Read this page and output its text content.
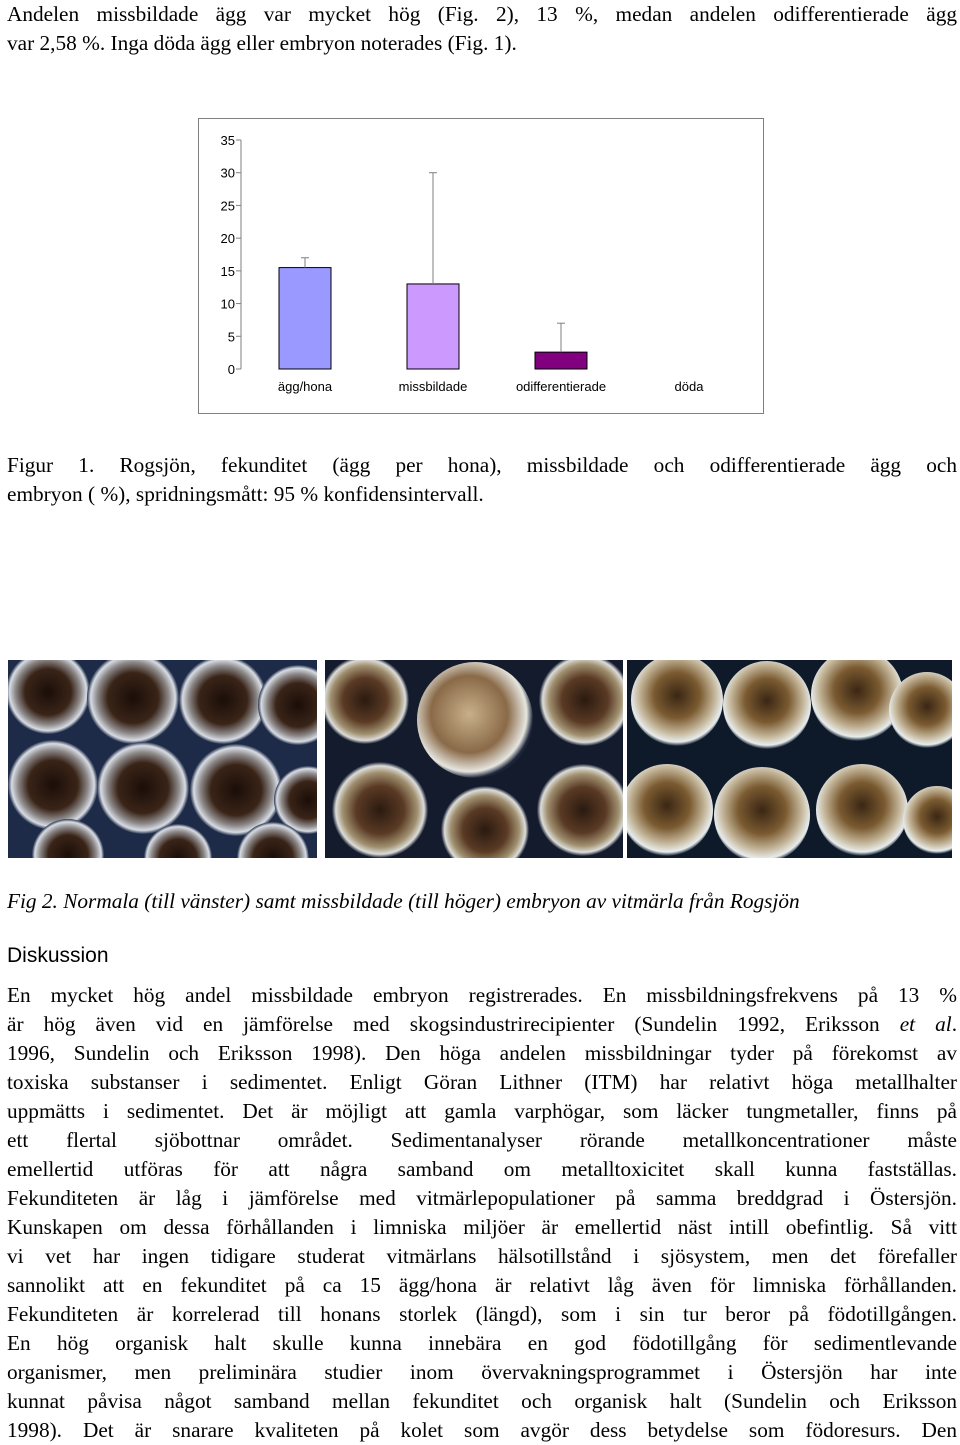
Andelen missbildade ägg var mycket hög (Fig. 2), 13 %, medan andelen odifferentierade ägg
var 2,58 %. Inga döda ägg eller embryon noterades (Fig. 1).
0
5
10
15
20
25
30
35
ägg/hona	missbildade	odifferentierade	döda
Figur 1. Rogsjön, fekunditet (ägg per hona), missbildade och odifferentierade ägg och
embryon ( %), spridningsmått: 95 % konfidensintervall.
Fig 2. Normala (till vänster) samt missbildade (till höger) embryon av vitmärla från Rogsjön
Diskussion
En mycket hög andel missbildade embryon registrerades. En missbildningsfrekvens på 13 %
är hög även vid en jämförelse med skogsindustrirecipienter (Sundelin 1992, Eriksson et al.
1996, Sundelin och Eriksson 1998). Den höga andelen missbildningar tyder på förekomst av
toxiska substanser i sedimentet. Enligt Göran Lithner (ITM) har relativt höga metallhalter
uppmätts i sedimentet. Det är möjligt att gamla varphögar, som läcker tungmetaller, finns på
ett flertal sjöbottnar området. Sedimentanalyser rörande metallkoncentrationer måste
emellertid utföras för att några samband om metalltoxicitet skall kunna fastställas.
Fekunditeten är låg i jämförelse med vitmärlepopulationer på samma breddgrad i Östersjön.
Kunskapen om dessa förhållanden i limniska miljöer är emellertid näst intill obefintlig. Så vitt
vi vet har ingen tidigare studerat vitmärlans hälsotillstånd i sjösystem, men det förefaller
sannolikt att en fekunditet på ca 15 ägg/hona är relativt låg även för limniska förhållanden.
Fekunditeten är korrelerad till honans storlek (längd), som i sin tur beror på födotillgången.
En hög organisk halt skulle kunna innebära en god födotillgång för sedimentlevande
organismer, men preliminära studier inom övervakningsprogrammet i Östersjön har inte
kunnat påvisa något samband mellan fekunditet och organisk halt (Sundelin och Eriksson
1998). Det är snarare kvaliteten på kolet som avgör dess betydelse som födoresurs. Den
